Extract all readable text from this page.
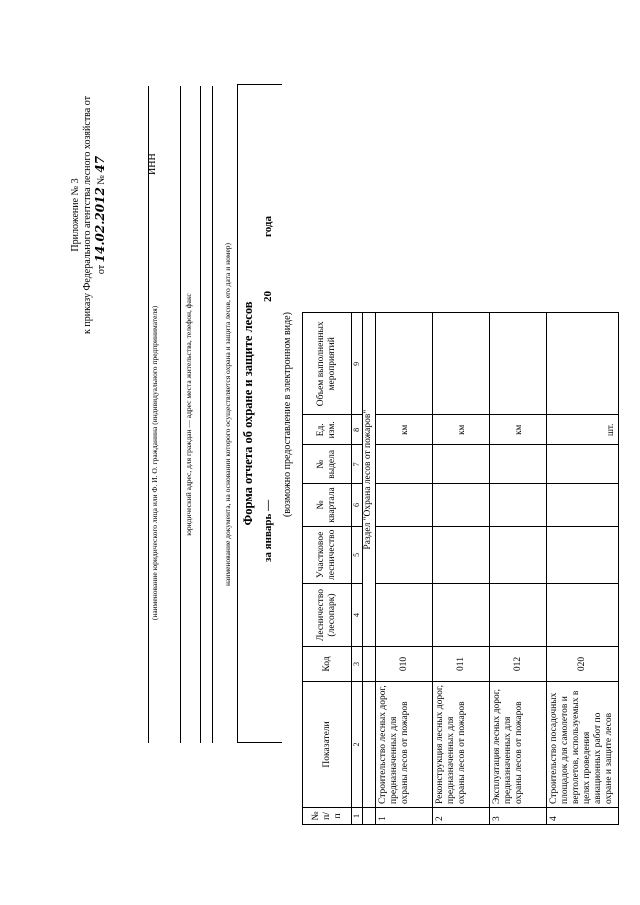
Приложение № 3 к приказу Федерального агентства лесного хозяйства от от 14.02.2012 № 47
(наименование юридического лица или Ф. И. О. гражданина (индивидуального предпринимателя)
ИНН
юридический адрес, для граждан — адрес места жительства, телефон, факс	наименование документа, на основании которого осуществляется охрана и защита лесов, его дата и номер) Форма отчета об охране и защите лесов
за январь —
20
года
(возможно предоставление в электронном виде)
№ п/п	Показатели	Код	Лесничество (лесопарк)	Участковое лесничество	№ квартала	№ выдела	Ед. изм.	Объем выполненных мероприятий
1	2	3	4	5	6	7	8	9
			Раздел "Охрана лесов от пожаров"					
1	Строительство лесных дорог, предназначенных для охраны лесов от пожаров	010					км	
2	Реконструкция лесных дорог, предназначенных для охраны лесов от пожаров	011					км	
3	Эксплуатация лесных дорог, предназначенных для охраны лесов от пожаров	012					км	
4	Строительство посадочных площадок для самолетов и вертолетов, используемых в целях проведения авиационных работ по охране и защите лесов	020					шт.	
